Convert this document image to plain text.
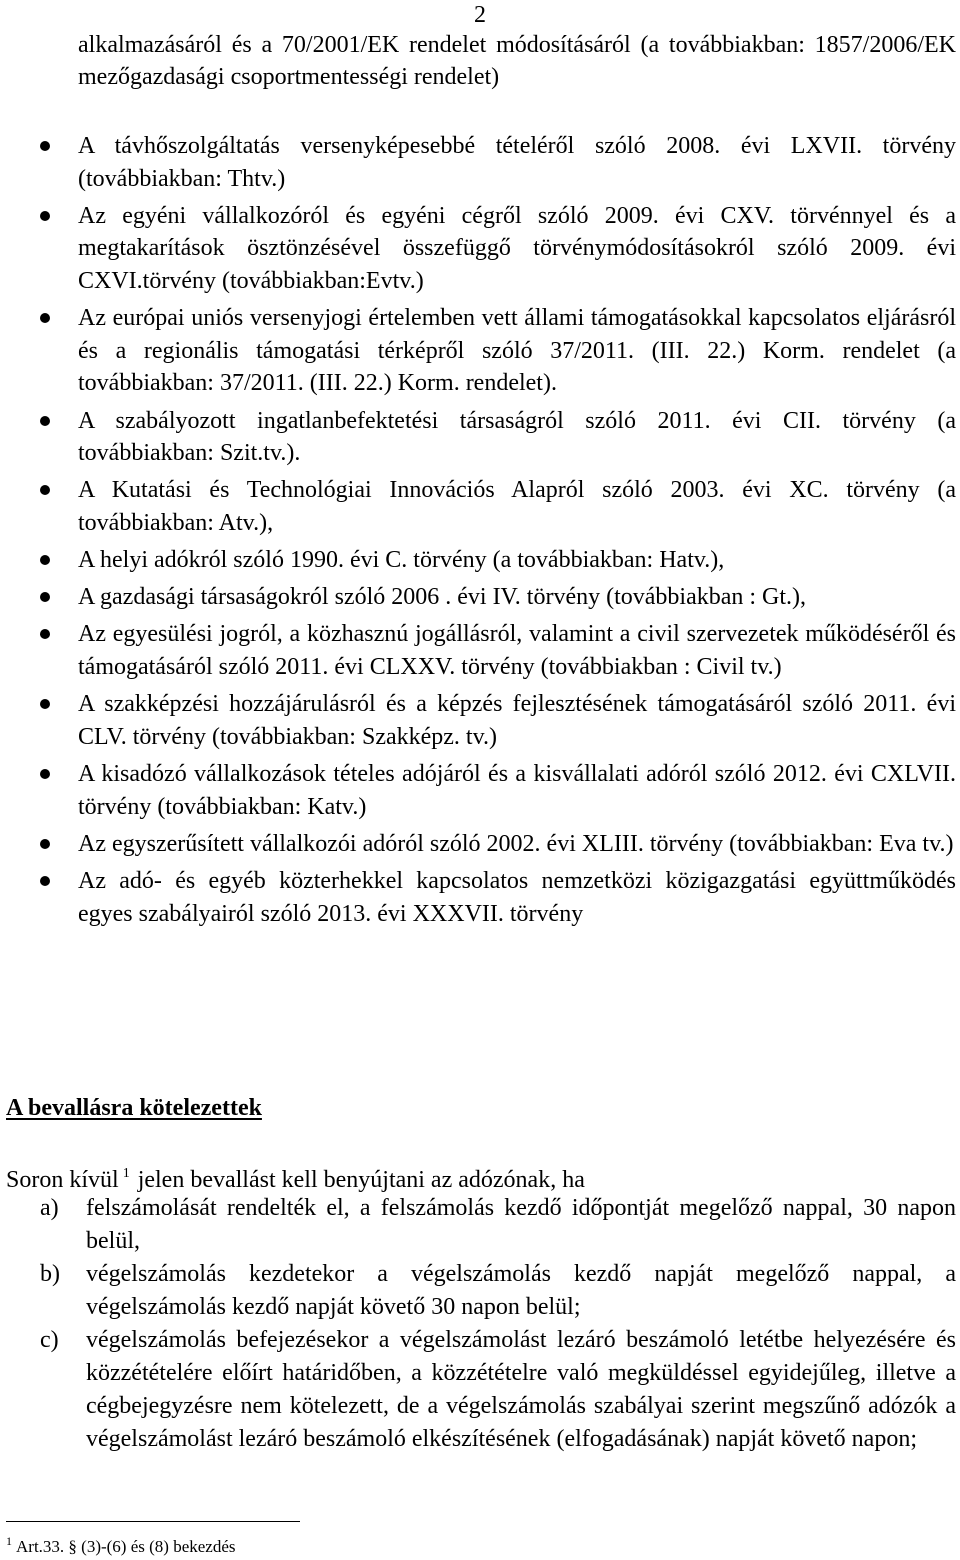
2
alkalmazásáról és a 70/2001/EK rendelet módosításáról (a továbbiakban: 1857/2006/EK mezőgazdasági csoportmentességi rendelet)
A távhőszolgáltatás versenyképesebbé tételéről szóló 2008. évi LXVII. törvény (továbbiakban: Thtv.)
Az egyéni vállalkozóról és egyéni cégről szóló 2009. évi CXV. törvénnyel és a megtakarítások ösztönzésével összefüggő törvénymódosításokról szóló 2009. évi CXVI.törvény (továbbiakban:Evtv.)
Az európai uniós versenyjogi értelemben vett állami támogatásokkal kapcsolatos eljárásról és a regionális támogatási térképről szóló 37/2011. (III. 22.) Korm. rendelet (a továbbiakban: 37/2011. (III. 22.) Korm. rendelet).
A szabályozott ingatlanbefektetési társaságról szóló 2011. évi CII. törvény (a továbbiakban: Szit.tv.).
A Kutatási és Technológiai Innovációs Alapról szóló 2003. évi XC. törvény (a továbbiakban: Atv.),
A helyi adókról szóló 1990. évi C. törvény (a továbbiakban: Hatv.),
A gazdasági társaságokról szóló 2006 . évi IV. törvény (továbbiakban : Gt.),
Az egyesülési jogról, a közhasznú jogállásról, valamint a civil szervezetek működéséről és támogatásáról szóló 2011. évi CLXXV. törvény (továbbiakban : Civil tv.)
A szakképzési hozzájárulásról és a képzés fejlesztésének támogatásáról szóló 2011. évi CLV. törvény (továbbiakban: Szakképz. tv.)
A kisadózó vállalkozások tételes adójáról és a kisvállalati adóról szóló 2012. évi CXLVII. törvény (továbbiakban: Katv.)
Az egyszerűsített vállalkozói adóról szóló 2002. évi XLIII. törvény (továbbiakban: Eva tv.)
Az adó- és egyéb közterhekkel kapcsolatos nemzetközi közigazgatási együttműködés egyes szabályairól szóló 2013. évi XXXVII. törvény
A bevallásra kötelezettek
Soron kívül $^1$ jelen bevallást kell benyújtani az adózónak, ha
a) felszámolását rendelték el, a felszámolás kezdő időpontját megelőző nappal, 30 napon belül,
b) végelszámolás kezdetekor a végelszámolás kezdő napját megelőző nappal, a végelszámolás kezdő napját követő 30 napon belül;
c) végelszámolás befejezésekor a végelszámolást lezáró beszámoló letétbe helyezésére és közzétételére előírt határidőben, a közzétételre való megküldéssel egyidejűleg, illetve a cégbejegyzésre nem kötelezett, de a végelszámolás szabályai szerint megszűnő adózók a végelszámolást lezáró beszámoló elkészítésének (elfogadásának) napját követő napon;
$^1$ Art.33. § (3)-(6) és (8) bekezdés
